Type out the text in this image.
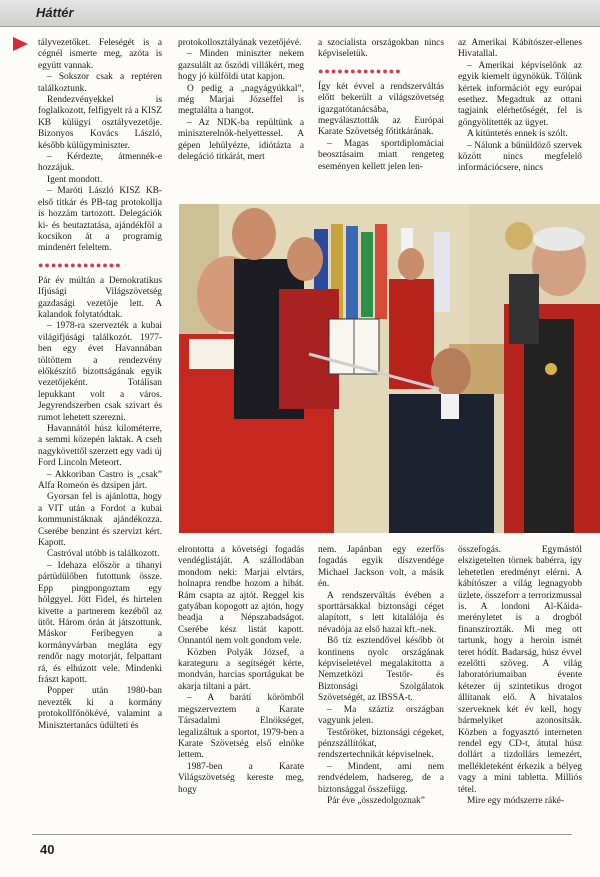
Háttér

tályvezetőket. Feleségét is a cégnél ismerte meg, azóta is együtt vannak.

– Sokszor csak a reptéren találkoztunk.

Rendezvényekkel is foglalkozott, felfigyelt rá a KISZ KB külügyi osztályvezetője. Bizonyos Kovács László, később külügyminiszter.

– Kérdezte, átmennék-e hozzájuk.

Igent mondott.

– Maróti László KISZ KB-első titkár és PB-tag protokollja is hozzám tartozott. Delegációk ki- és beutaztatása, ajándékföl a kocsikon át a programig mindenért feleltem.

●●●●●●●●●●●●●

Pár év múltán a Demokratikus Ifjúsági Világszövetség gazdasági vezetője lett. A kalandok folytatódtak.

– 1978-ra szervezték a kubai világifjúsági találkozót. 1977-ben egy évet Havannában töltöttem a rendezvény előkészítő bizottságának egyik vezetőjeként. Totálisan lepukkant volt a város. Jegyrendszerben csak szivart és rumot lehetett szerezni.

Havannától húsz kilométerre, a semmi közepén laktak. A cseh nagykövettől szerzett egy vadi új Ford Lincoln Meteort.

– Akkoriban Castro is „csak” Alfa Romeón és dzsipen járt.

Gyorsan fel is ajánlotta, hogy a VIT után a Fordot a kubai kommunistáknak ajándékozza. Cserébe benzint és szervizt kért. Kapott.

Castróval utóbb is találkozott.

– Idehaza először a tihanyi pártüdülőben futottunk össze. Epp pingpongoztam egy hölggyel. Jött Fidel, és hirtelen kivette a partnerem kezéből az ütőt. Három órán át játszottunk. Máskor Feribegyen a kormányvárban megláta egy rendőr nagy motorját, felpattant rá, és elhúzott vele. Mindenki frászt kapott.

Popper után 1980-ban nevezték ki a kormány protokollfőnökévé, valamint a Minisztertanács üdülteti és

protokollosztályának vezetőjévé.

– Minden miniszter nekem gazsulált az őszödi villákért, meg hogy jó külföldi utat kapjon.

O pedig a „nagyágyúkkal”, még Marjai Józseffel is megtalálta a hangot.

– Az NDK-ba repültünk a miniszterelnök-helyettessel. A gépen lehülyézte, idiótázta a delegáció titkárát, mert

a szocialista országokban nincs képviseletük.

●●●●●●●●●●●●●

Így két évvel a rendszerváltás előtt bekerült a világszövetség igazgatótanácsába, megválasztották az Európai Karate Szövetség főtitkárának.

– Magas sportdiplomáciai beosztásaim miatt rengeteg eseményen kellett jelen len-

az Amerikai Kábítószer-ellenes Hivatallal.

– Amerikai képviselőnk az egyik kiemelt ügynökük. Tőlünk kértek információt egy európai esethez. Megadtuk az ottani tagjaink elérhetőségét, fel is göngyölítették az ügyet.

A kitüntetés ennek is szólt.

– Nálunk a bűnüldöző szervek között nincs megfelelő információcsere, nincs

elrontotta a követségi fogadás vendéglistáját. A szállodában mondom neki: Marjai elvtárs, holnapra rendbe hozom a hibát. Rám csapta az ajtót. Reggel kis gatyában kopogott az ajtón, hogy beadja a Népszabadságot. Cserébe kész listát kapott. Onnantól nem volt gondom vele.

Közben Polyák József, a karateguru a segítségét kérte, mondván, harcias sportágukat be akarja tiltani a párt.

– A barátí körömből megszerveztem a Karate Társadalmi Elnökséget, legalizáltuk a sportot, 1979-ben a Karate Szövetség első elnöke lettem.

1987-ben a Karate Világszövetség kereste meg, hogy

nem. Japánban egy ezerfős fogadás egyik díszvendége Michael Jackson volt, a másik én.

A rendszerváltás évében a sporttársakkal biztonsági céget alapított, s lett kitalálója és névadója az első hazai kft.-nek.

Bő tíz esztendővel később öt kontinens nyolc országának képviseletével megalakította a Nemzetközi Testőr- és Biztonsági Szolgálatok Szövetségét, az IBSSA-t.

– Ma száztíz országban vagyunk jelen.

Testőröket, biztonsági cégeket, pénzszállítókat, rendszertechnikát képviselnek.

– Mindent, ami nem rendvédelem, hadsereg, de a biztonsággal összefügg.

Pár éve „összedolgoznak”

összefogás. Egymástól elszigetelten törnek babérra, így lehetetlen eredményt elérni. A kábítószer a világ legnagyobb üzlete, összeforr a terrorizmussal is. A londoni Al-Káida-merényletet is a drogból finanszírozták. Mi meg ott tartunk, hogy a heroin ismét teret hódít. Badarság, húsz évvel ezelőtti szöveg. A világ laboratóriumaiban évente kétezer új szintetikus drogot állítanak elő. A hivatalos szerveknek két év kell, hogy bármelyiket azonosítsák. Közben a fogyasztó interneten rendel egy CD-t, átutal húsz dollárt a tizdollárs lemezért, mellékleteként érkezik a bélyeg vagy a mini tabletta. Milliós tétel.

Mire egy módszerre ráké-

40
